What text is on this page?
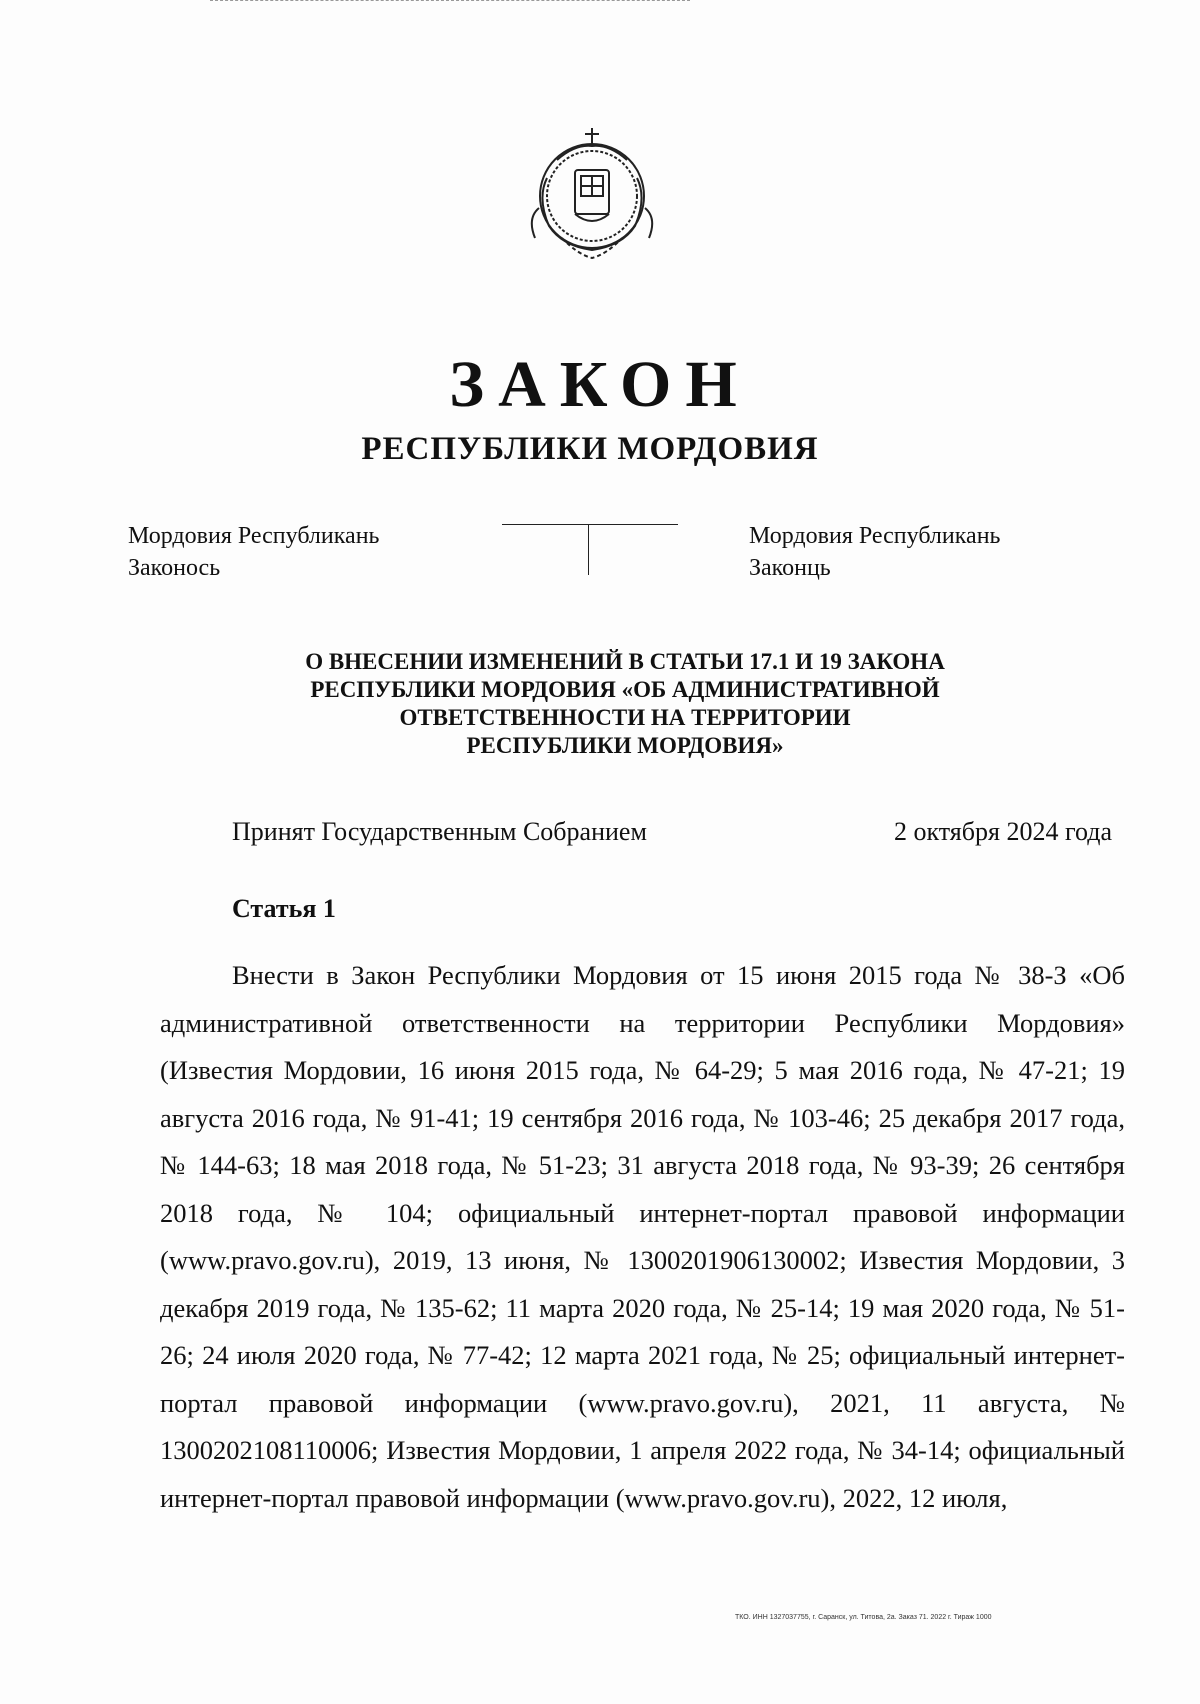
ЗАКОН
РЕСПУБЛИКИ МОРДОВИЯ
Мордовия Республикань
Законось
Мордовия Республикань
Законць
О ВНЕСЕНИИ ИЗМЕНЕНИЙ В СТАТЬИ 17.1 И 19 ЗАКОНА
РЕСПУБЛИКИ МОРДОВИЯ «ОБ АДМИНИСТРАТИВНОЙ
ОТВЕТСТВЕННОСТИ НА ТЕРРИТОРИИ
РЕСПУБЛИКИ МОРДОВИЯ»
Принят Государственным Собранием	2 октября 2024 года
Статья 1

Внести в Закон Республики Мордовия от 15 июня 2015 года № 38-З «Об административной ответственности на территории Республики Мордовия» (Известия Мордовии, 16 июня 2015 года, № 64-29; 5 мая 2016 года, № 47-21; 19 августа 2016 года, № 91-41; 19 сентября 2016 года, № 103-46; 25 декабря 2017 года, № 144-63; 18 мая 2018 года, № 51-23; 31 августа 2018 года, № 93-39; 26 сентября 2018 года, № 104; официальный интернет-портал правовой информации (www.pravo.gov.ru), 2019, 13 июня, № 1300201906130002; Известия Мордовии, 3 декабря 2019 года, № 135-62; 11 марта 2020 года, № 25-14; 19 мая 2020 года, № 51-26; 24 июля 2020 года, № 77-42; 12 марта 2021 года, № 25; официальный интернет-портал правовой информации (www.pravo.gov.ru), 2021, 11 августа, № 1300202108110006; Известия Мордовии, 1 апреля 2022 года, № 34-14; официальный интернет-портал правовой информации (www.pravo.gov.ru), 2022, 12 июля,

ТКО. ИНН 1327037755, г. Саранск, ул. Титова, 2а. Заказ 71. 2022 г. Тираж 1000
